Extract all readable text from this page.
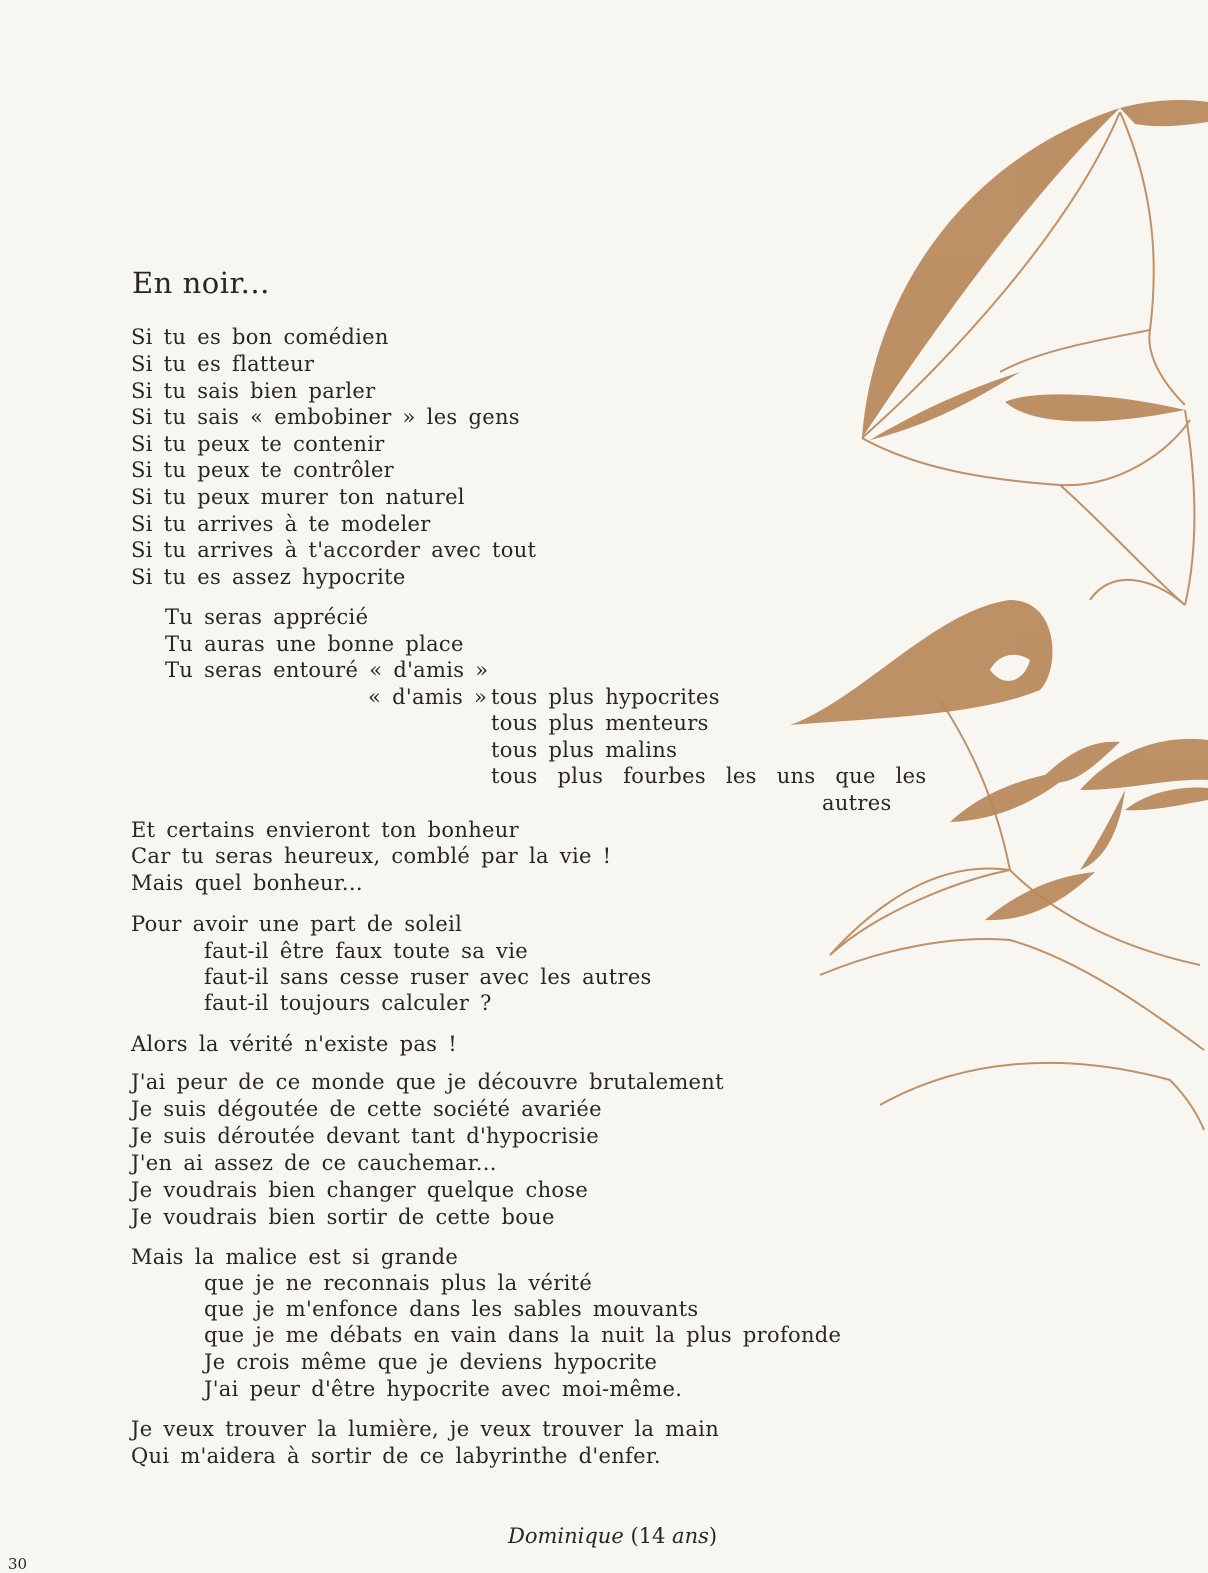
En noir...
Si tu es bon comédien
Si tu es flatteur
Si tu sais bien parler
Si tu sais « embobiner » les gens
Si tu peux te contenir
Si tu peux te contrôler
Si tu peux murer ton naturel
Si tu arrives à te modeler
Si tu arrives à t'accorder avec tout
Si tu es assez hypocrite
Tu seras apprécié
Tu auras une bonne place
Tu seras entouré « d'amis »
« d'amis » tous plus hypocrites
tous plus menteurs
tous plus malins
tous plus fourbes les uns que les
autres
Et certains envieront ton bonheur
Car tu seras heureux, comblé par la vie !
Mais quel bonheur...
Pour avoir une part de soleil
faut-il être faux toute sa vie
faut-il sans cesse ruser avec les autres
faut-il toujours calculer ?
Alors la vérité n'existe pas !
J'ai peur de ce monde que je découvre brutalement
Je suis dégoutée de cette société avariée
Je suis déroutée devant tant d'hypocrisie
J'en ai assez de ce cauchemar...
Je voudrais bien changer quelque chose
Je voudrais bien sortir de cette boue
Mais la malice est si grande
que je ne reconnais plus la vérité
que je m'enfonce dans les sables mouvants
que je me débats en vain dans la nuit la plus profonde
Je crois même que je deviens hypocrite
J'ai peur d'être hypocrite avec moi-même.
Je veux trouver la lumière, je veux trouver la main
Qui m'aidera à sortir de ce labyrinthe d'enfer.
Dominique (14 ans)
30
